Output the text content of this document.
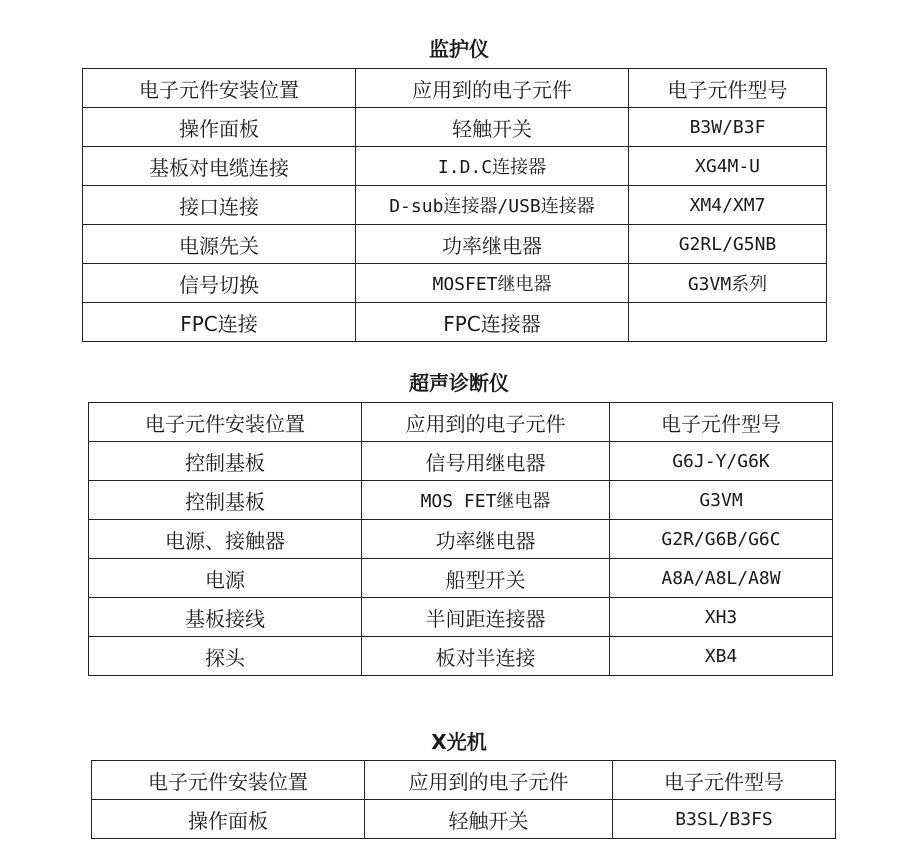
监护仪
电子元件安装位置	应用到的电子元件	电子元件型号
操作面板	轻触开关	B3W/B3F
基板对电缆连接	I.D.C连接器	XG4M-U
接口连接	D-sub连接器/USB连接器	XM4/XM7
电源先关	功率继电器	G2RL/G5NB
信号切换	MOSFET继电器	G3VM系列
FPC连接	FPC连接器	
超声诊断仪
电子元件安装位置	应用到的电子元件	电子元件型号
控制基板	信号用继电器	G6J-Y/G6K
控制基板	MOS FET继电器	G3VM
电源、接触器	功率继电器	G2R/G6B/G6C
电源	船型开关	A8A/A8L/A8W
基板接线	半间距连接器	XH3
探头	板对半连接	XB4
X光机
电子元件安装位置	应用到的电子元件	电子元件型号
操作面板	轻触开关	B3SL/B3FS
